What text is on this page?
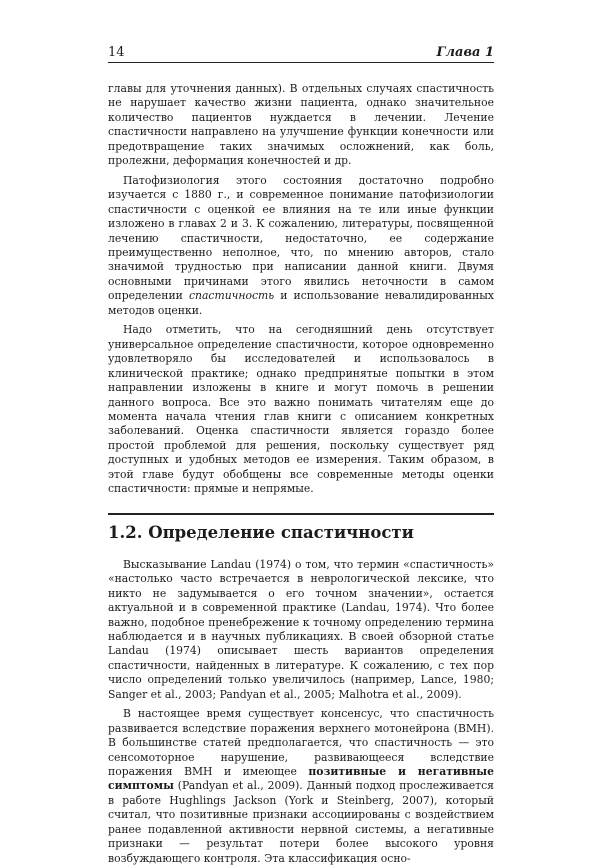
14	Глава 1

главы для уточнения данных). В отдельных случаях спастичность не нарушает качество жизни пациента, однако значительное количество пациентов нуждается в лечении. Лечение спастичности направлено на улучшение функции конечности или предотвращение таких значимых осложнений, как боль, пролежни, деформация конечностей и др.

Патофизиология этого состояния достаточно подробно изучается с 1880 г., и современное понимание патофизиологии спастичности с оценкой ее влияния на те или иные функции изложено в главах 2 и 3. К сожалению, литературы, посвященной лечению спастичности, недостаточно, ее содержание преимущественно неполное, что, по мнению авторов, стало значимой трудностью при написании данной книги. Двумя основными причинами этого явились неточности в самом определении спастичность и использование невалидированных методов оценки.

Надо отметить, что на сегодняшний день отсутствует универсальное определение спастичности, которое одновременно удовлетворяло бы исследователей и использовалось в клинической практике; однако предпринятые попытки в этом направлении изложены в книге и могут помочь в решении данного вопроса. Все это важно понимать читателям еще до момента начала чтения глав книги с описанием конкретных заболеваний. Оценка спастичности является гораздо более простой проблемой для решения, поскольку существует ряд доступных и удобных методов ее измерения. Таким образом, в этой главе будут обобщены все современные методы оценки спастичности: прямые и непрямые.

1.2. Определение спастичности

Высказывание Landau (1974) о том, что термин «спастичность» «настолько часто встречается в неврологической лексике, что никто не задумывается о его точном значении», остается актуальной и в современной практике (Landau, 1974). Что более важно, подобное пренебрежение к точному определению термина наблюдается и в научных публикациях. В своей обзорной статье Landau (1974) описывает шесть вариантов определения спастичности, найденных в литературе. К сожалению, с тех пор число определений только увеличилось (например, Lance, 1980; Sanger et al., 2003; Pandyan et al., 2005; Malhotra et al., 2009).

В настоящее время существует консенсус, что спастичность развивается вследствие поражения верхнего мотонейрона (ВМН). В большинстве статей предполагается, что спастичность — это сенсомоторное нарушение, развивающееся вследствие поражения ВМН и имеющее позитивные и негативные симптомы (Pandyan et al., 2009). Данный подход прослеживается в работе Hughlings Jackson (York и Steinberg, 2007), который считал, что позитивные признаки ассоциированы с воздействием ранее подавленной активности нервной системы, а негативные признаки — результат потери более высокого уровня возбуждающего контроля. Эта классификация осно-
